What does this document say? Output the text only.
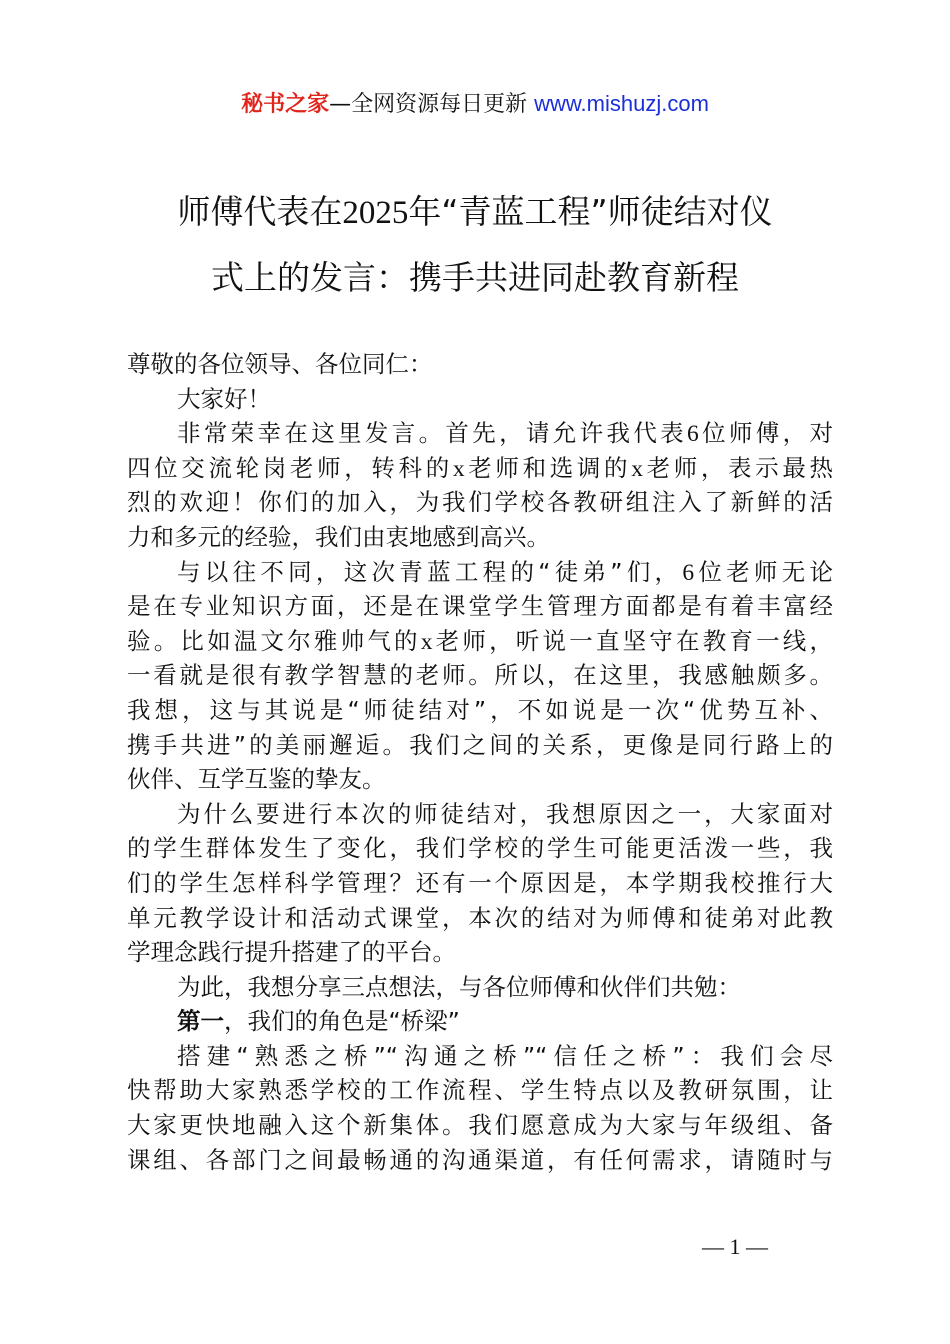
秘书之家—全网资源每日更新 www.mishuzj.com
师傅代表在2025年“青蓝工程”师徒结对仪
式上的发言：携手共进同赴教育新程
尊敬的各位领导、各位同仁：
大家好！
非常荣幸在这里发言。首先，请允许我代表6位师傅，对
四位交流轮岗老师，转科的x老师和选调的x老师，表示最热
烈的欢迎！你们的加入，为我们学校各教研组注入了新鲜的活
力和多元的经验，我们由衷地感到高兴。
与以往不同，这次青蓝工程的“徒弟”们，6位老师无论
是在专业知识方面，还是在课堂学生管理方面都是有着丰富经
验。比如温文尔雅帅气的x老师，听说一直坚守在教育一线，
一看就是很有教学智慧的老师。所以，在这里，我感触颇多。
我想，这与其说是“师徒结对”，不如说是一次“优势互补、
携手共进”的美丽邂逅。我们之间的关系，更像是同行路上的
伙伴、互学互鉴的挚友。
为什么要进行本次的师徒结对，我想原因之一，大家面对
的学生群体发生了变化，我们学校的学生可能更活泼一些，我
们的学生怎样科学管理？还有一个原因是，本学期我校推行大
单元教学设计和活动式课堂，本次的结对为师傅和徒弟对此教
学理念践行提升搭建了的平台。
为此，我想分享三点想法，与各位师傅和伙伴们共勉：
第一，我们的角色是“桥梁”
搭建“熟悉之桥”“沟通之桥”“信任之桥”：我们会尽
快帮助大家熟悉学校的工作流程、学生特点以及教研氛围，让
大家更快地融入这个新集体。我们愿意成为大家与年级组、备
课组、各部门之间最畅通的沟通渠道，有任何需求，请随时与
— 1 —
